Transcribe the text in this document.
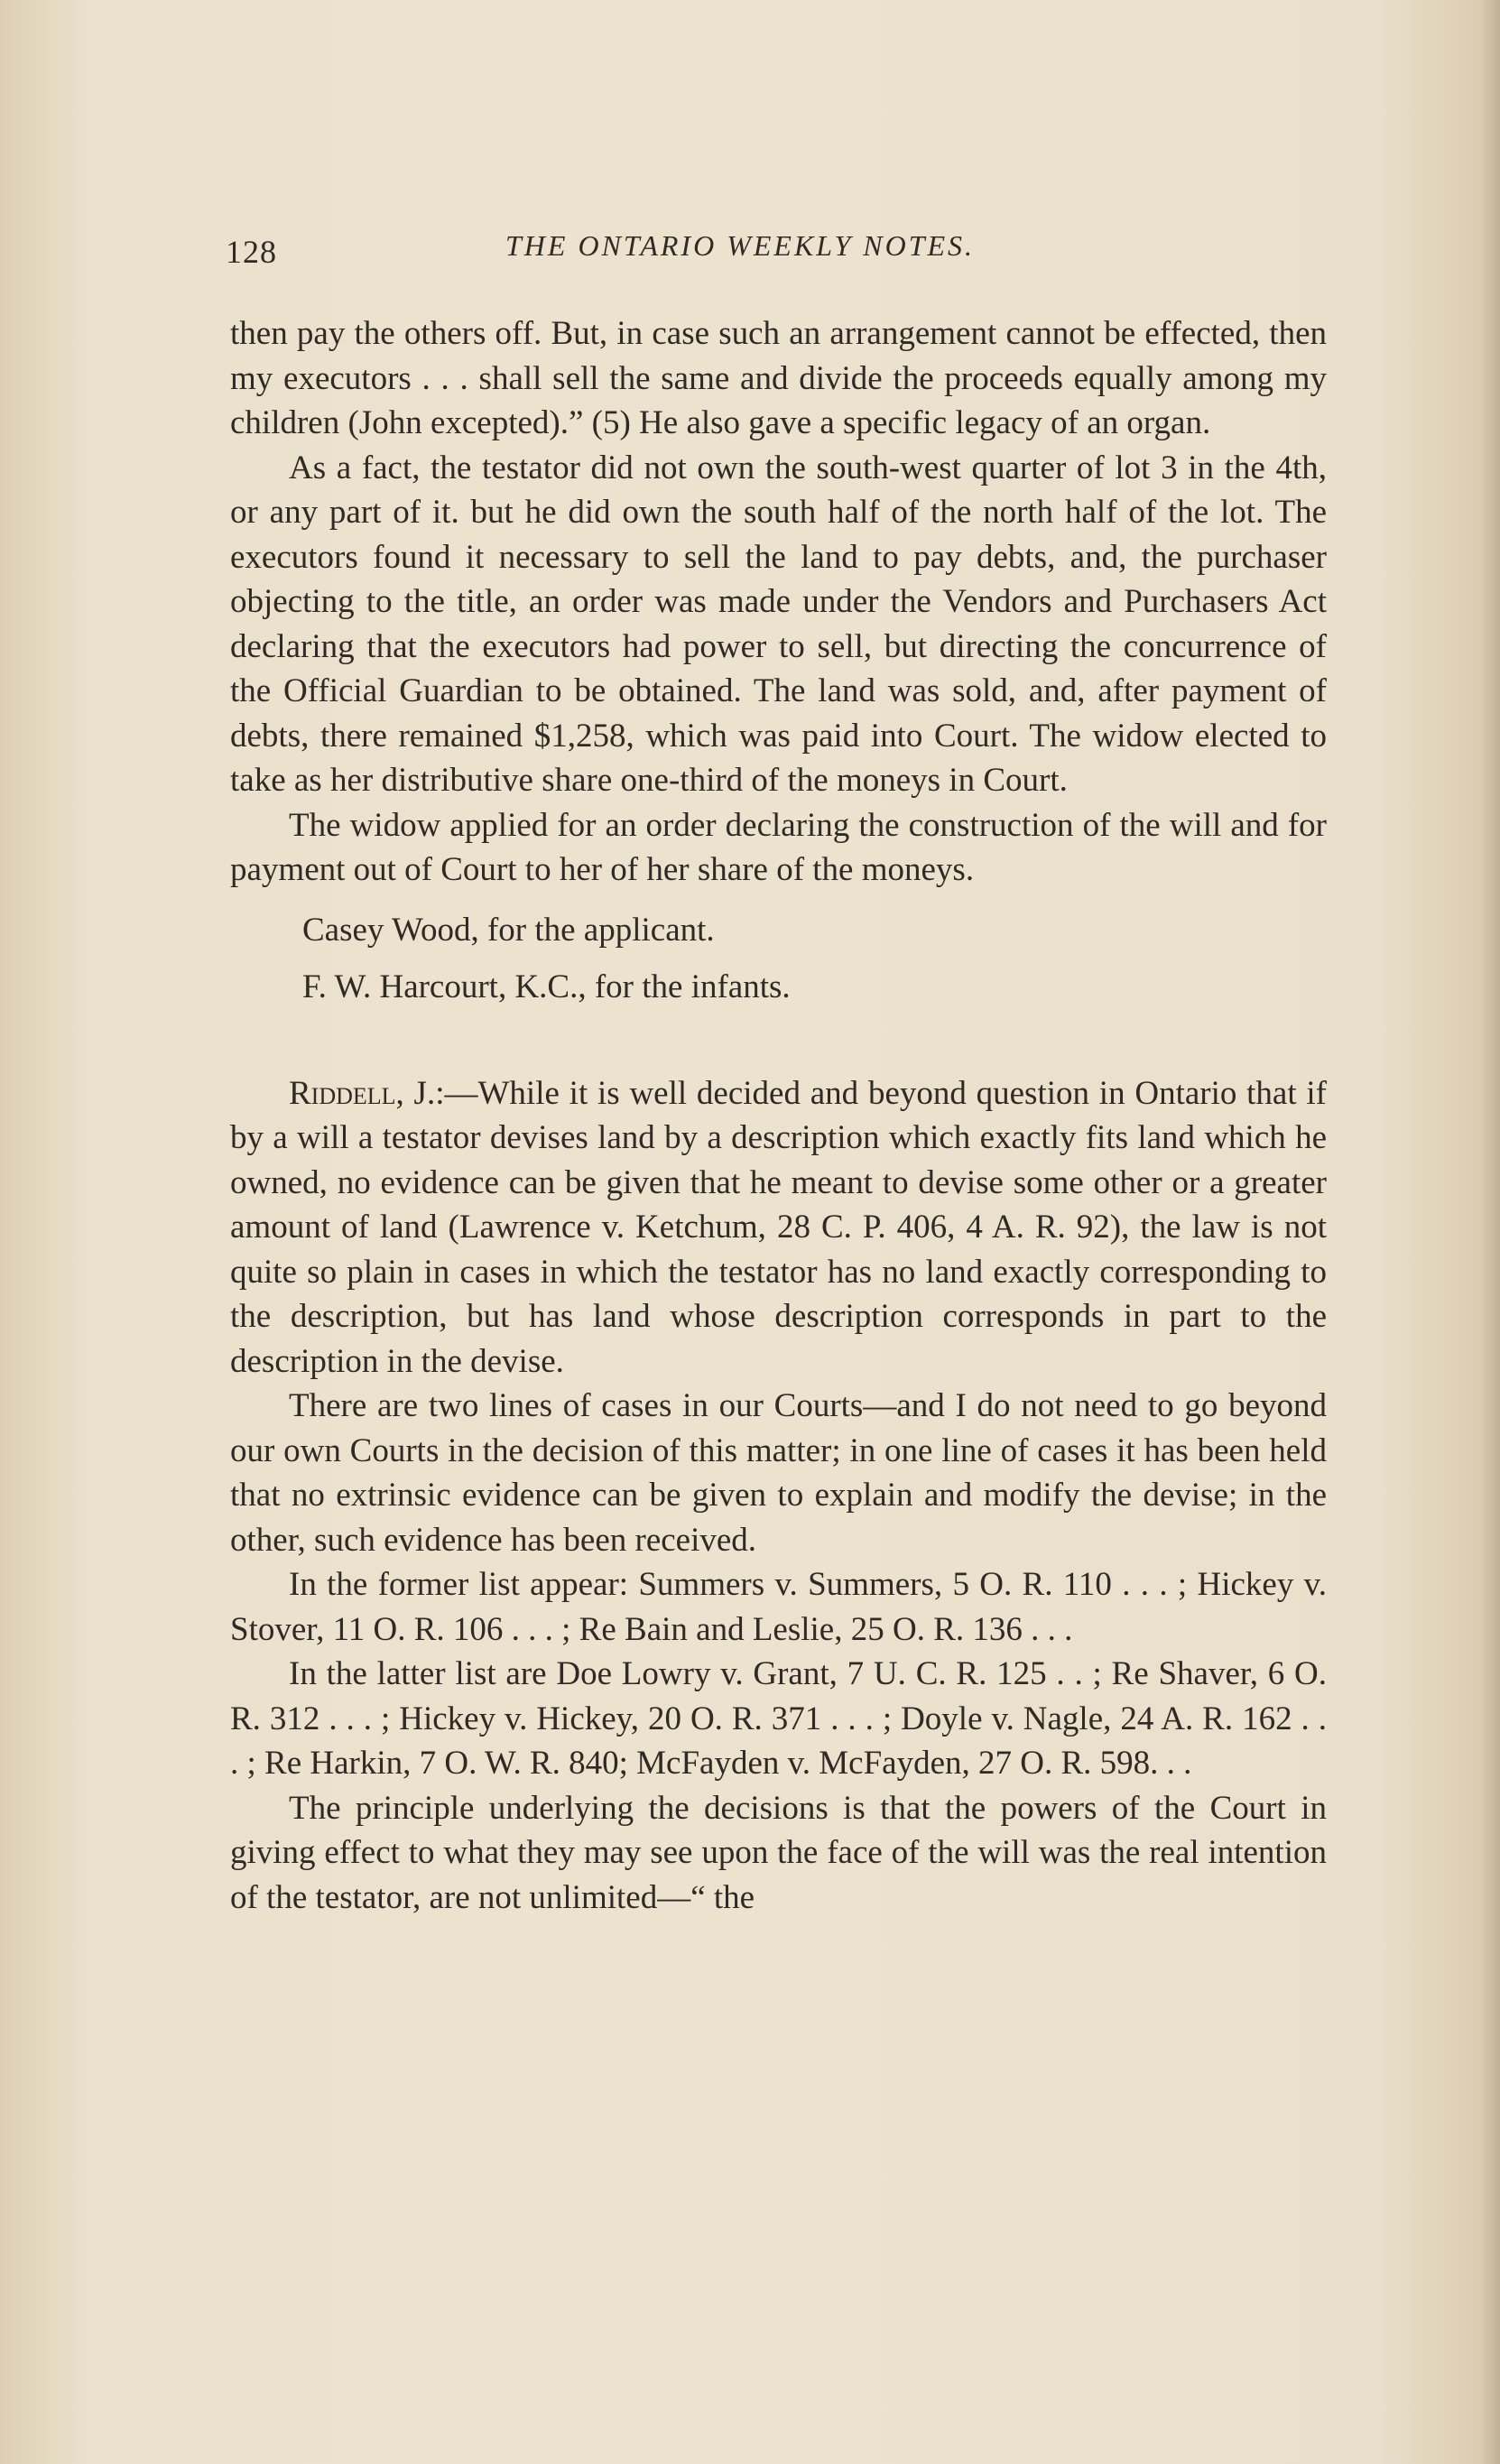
128	THE ONTARIO WEEKLY NOTES.

then pay the others off. But, in case such an arrangement cannot be effected, then my executors . . . shall sell the same and divide the proceeds equally among my children (John excepted).” (5) He also gave a specific legacy of an organ.

As a fact, the testator did not own the south-west quarter of lot 3 in the 4th, or any part of it. but he did own the south half of the north half of the lot. The executors found it necessary to sell the land to pay debts, and, the purchaser objecting to the title, an order was made under the Vendors and Purchasers Act declaring that the executors had power to sell, but directing the concurrence of the Official Guardian to be obtained. The land was sold, and, after payment of debts, there remained $1,258, which was paid into Court. The widow elected to take as her distributive share one-third of the moneys in Court.

The widow applied for an order declaring the construction of the will and for payment out of Court to her of her share of the moneys.

Casey Wood, for the applicant.

F. W. Harcourt, K.C., for the infants.

Riddell, J.:—While it is well decided and beyond question in Ontario that if by a will a testator devises land by a description which exactly fits land which he owned, no evidence can be given that he meant to devise some other or a greater amount of land (Lawrence v. Ketchum, 28 C. P. 406, 4 A. R. 92), the law is not quite so plain in cases in which the testator has no land exactly corresponding to the description, but has land whose description corresponds in part to the description in the devise.

There are two lines of cases in our Courts—and I do not need to go beyond our own Courts in the decision of this matter; in one line of cases it has been held that no extrinsic evidence can be given to explain and modify the devise; in the other, such evidence has been received.

In the former list appear: Summers v. Summers, 5 O. R. 110 . . . ; Hickey v. Stover, 11 O. R. 106 . . . ; Re Bain and Leslie, 25 O. R. 136 . . .

In the latter list are Doe Lowry v. Grant, 7 U. C. R. 125 . . ; Re Shaver, 6 O. R. 312 . . . ; Hickey v. Hickey, 20 O. R. 371 . . . ; Doyle v. Nagle, 24 A. R. 162 . . . ; Re Harkin, 7 O. W. R. 840; McFayden v. McFayden, 27 O. R. 598. . .

The principle underlying the decisions is that the powers of the Court in giving effect to what they may see upon the face of the will was the real intention of the testator, are not unlimited—“ the
